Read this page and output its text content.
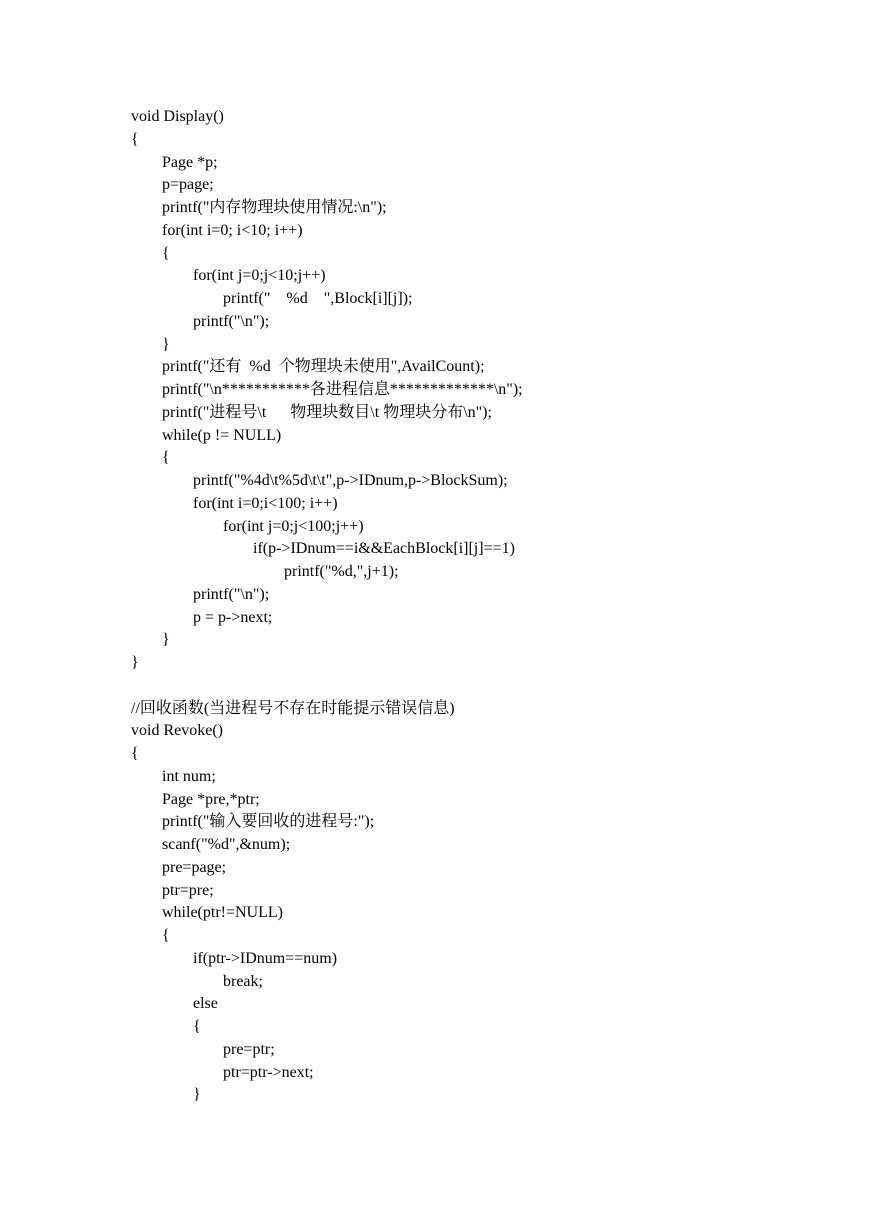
void Display()
{
Page *p;
p=page;
printf("内存物理块使用情况:\n");
for(int i=0; i<10; i++)
{
for(int j=0;j<10;j++)
printf("    %d    ",Block[i][j]);
printf("\n");
}
printf("还有  %d  个物理块未使用",AvailCount);
printf("\n***********各进程信息*************\n");
printf("进程号\t      物理块数目\t 物理块分布\n");
while(p != NULL)
{
printf("%4d\t%5d\t\t",p->IDnum,p->BlockSum);
for(int i=0;i<100; i++)
for(int j=0;j<100;j++)
if(p->IDnum==i&&EachBlock[i][j]==1)
printf("%d,",j+1);
printf("\n");
p = p->next;
}
}
//回收函数(当进程号不存在时能提示错误信息)
void Revoke()
{
int num;
Page *pre,*ptr;
printf("输入要回收的进程号:");
scanf("%d",&num);
pre=page;
ptr=pre;
while(ptr!=NULL)
{
if(ptr->IDnum==num)
break;
else
{
pre=ptr;
ptr=ptr->next;
}
